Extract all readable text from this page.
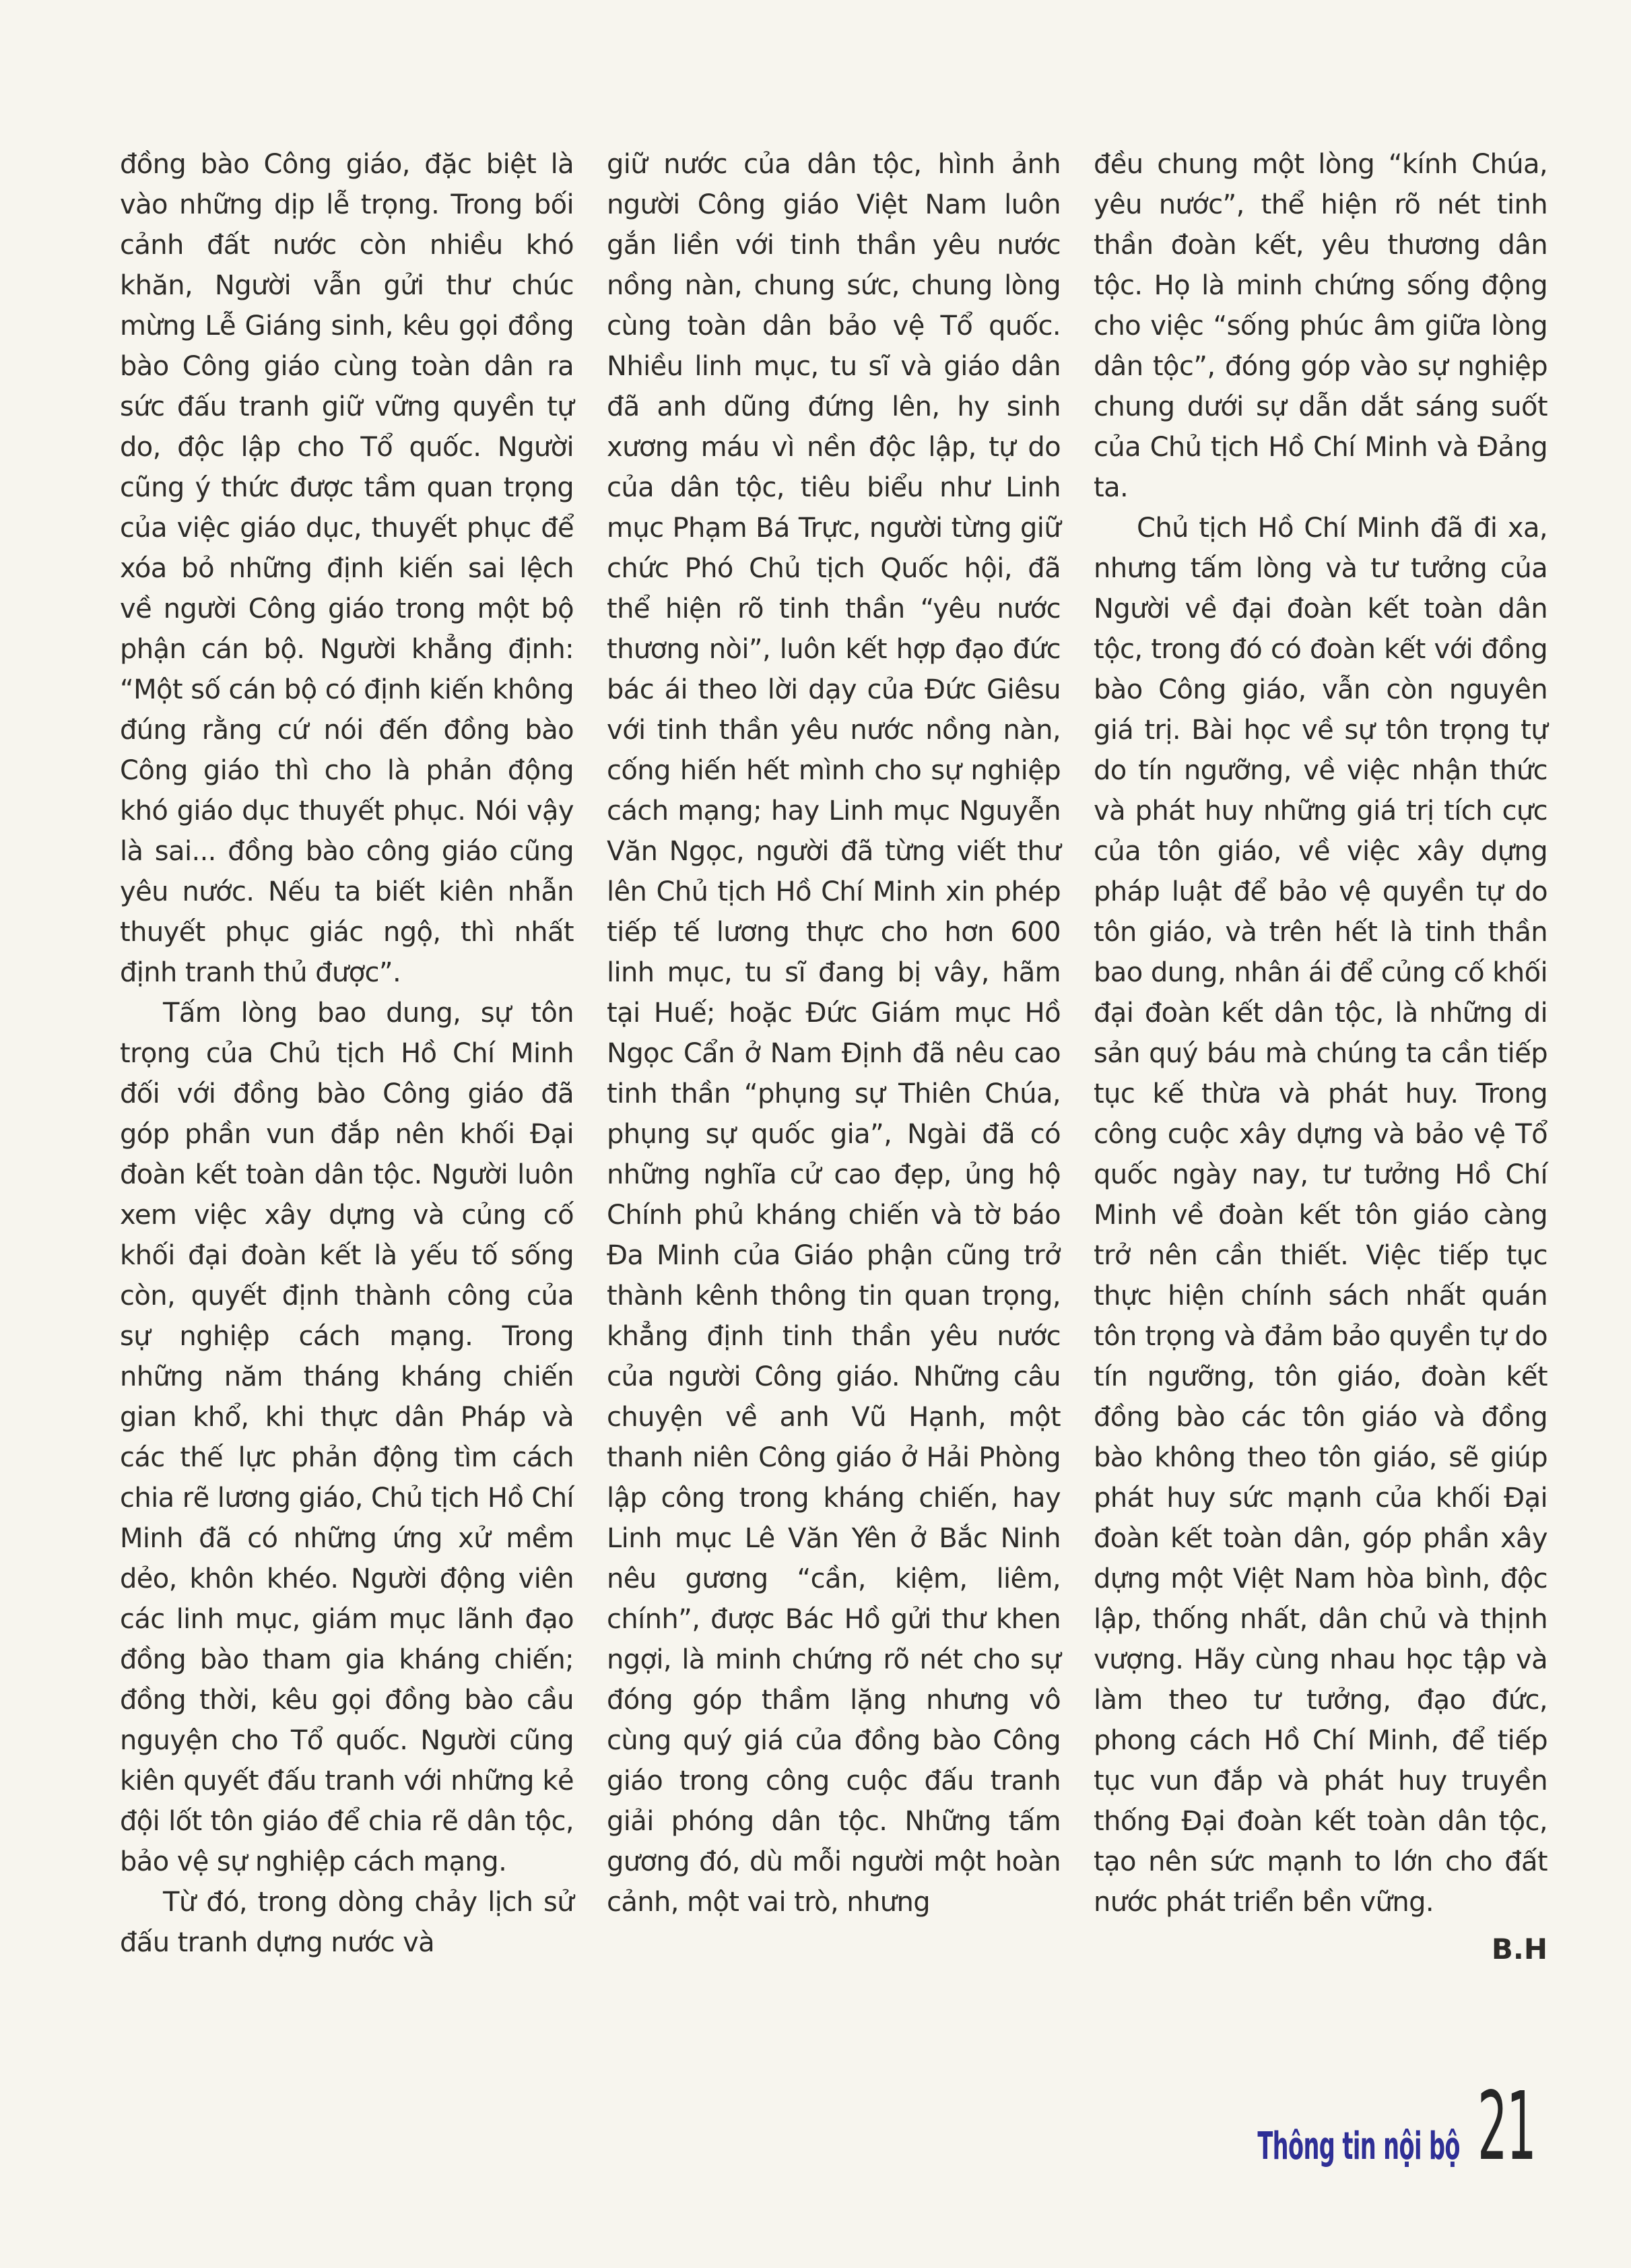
đồng bào Công giáo, đặc biệt là vào những dịp lễ trọng. Trong bối cảnh đất nước còn nhiều khó khăn, Người vẫn gửi thư chúc mừng Lễ Giáng sinh, kêu gọi đồng bào Công giáo cùng toàn dân ra sức đấu tranh giữ vững quyền tự do, độc lập cho Tổ quốc. Người cũng ý thức được tầm quan trọng của việc giáo dục, thuyết phục để xóa bỏ những định kiến sai lệch về người Công giáo trong một bộ phận cán bộ. Người khẳng định: “Một số cán bộ có định kiến không đúng rằng cứ nói đến đồng bào Công giáo thì cho là phản động khó giáo dục thuyết phục. Nói vậy là sai... đồng bào công giáo cũng yêu nước. Nếu ta biết kiên nhẫn thuyết phục giác ngộ, thì nhất định tranh thủ được”.

Tấm lòng bao dung, sự tôn trọng của Chủ tịch Hồ Chí Minh đối với đồng bào Công giáo đã góp phần vun đắp nên khối Đại đoàn kết toàn dân tộc. Người luôn xem việc xây dựng và củng cố khối đại đoàn kết là yếu tố sống còn, quyết định thành công của sự nghiệp cách mạng. Trong những năm tháng kháng chiến gian khổ, khi thực dân Pháp và các thế lực phản động tìm cách chia rẽ lương giáo, Chủ tịch Hồ Chí Minh đã có những ứng xử mềm dẻo, khôn khéo. Người động viên các linh mục, giám mục lãnh đạo đồng bào tham gia kháng chiến; đồng thời, kêu gọi đồng bào cầu nguyện cho Tổ quốc. Người cũng kiên quyết đấu tranh với những kẻ đội lốt tôn giáo để chia rẽ dân tộc, bảo vệ sự nghiệp cách mạng.

Từ đó, trong dòng chảy lịch sử đấu tranh dựng nước và

giữ nước của dân tộc, hình ảnh người Công giáo Việt Nam luôn gắn liền với tinh thần yêu nước nồng nàn, chung sức, chung lòng cùng toàn dân bảo vệ Tổ quốc. Nhiều linh mục, tu sĩ và giáo dân đã anh dũng đứng lên, hy sinh xương máu vì nền độc lập, tự do của dân tộc, tiêu biểu như Linh mục Phạm Bá Trực, người từng giữ chức Phó Chủ tịch Quốc hội, đã thể hiện rõ tinh thần “yêu nước thương nòi”, luôn kết hợp đạo đức bác ái theo lời dạy của Đức Giêsu với tinh thần yêu nước nồng nàn, cống hiến hết mình cho sự nghiệp cách mạng; hay Linh mục Nguyễn Văn Ngọc, người đã từng viết thư lên Chủ tịch Hồ Chí Minh xin phép tiếp tế lương thực cho hơn 600 linh mục, tu sĩ đang bị vây, hãm tại Huế; hoặc Đức Giám mục Hồ Ngọc Cẩn ở Nam Định đã nêu cao tinh thần “phụng sự Thiên Chúa, phụng sự quốc gia”, Ngài đã có những nghĩa cử cao đẹp, ủng hộ Chính phủ kháng chiến và tờ báo Đa Minh của Giáo phận cũng trở thành kênh thông tin quan trọng, khẳng định tinh thần yêu nước của người Công giáo. Những câu chuyện về anh Vũ Hạnh, một thanh niên Công giáo ở Hải Phòng lập công trong kháng chiến, hay Linh mục Lê Văn Yên ở Bắc Ninh nêu gương “cần, kiệm, liêm, chính”, được Bác Hồ gửi thư khen ngợi, là minh chứng rõ nét cho sự đóng góp thầm lặng nhưng vô cùng quý giá của đồng bào Công giáo trong công cuộc đấu tranh giải phóng dân tộc. Những tấm gương đó, dù mỗi người một hoàn cảnh, một vai trò, nhưng

đều chung một lòng “kính Chúa, yêu nước”, thể hiện rõ nét tinh thần đoàn kết, yêu thương dân tộc. Họ là minh chứng sống động cho việc “sống phúc âm giữa lòng dân tộc”, đóng góp vào sự nghiệp chung dưới sự dẫn dắt sáng suốt của Chủ tịch Hồ Chí Minh và Đảng ta.

Chủ tịch Hồ Chí Minh đã đi xa, nhưng tấm lòng và tư tưởng của Người về đại đoàn kết toàn dân tộc, trong đó có đoàn kết với đồng bào Công giáo, vẫn còn nguyên giá trị. Bài học về sự tôn trọng tự do tín ngưỡng, về việc nhận thức và phát huy những giá trị tích cực của tôn giáo, về việc xây dựng pháp luật để bảo vệ quyền tự do tôn giáo, và trên hết là tinh thần bao dung, nhân ái để củng cố khối đại đoàn kết dân tộc, là những di sản quý báu mà chúng ta cần tiếp tục kế thừa và phát huy. Trong công cuộc xây dựng và bảo vệ Tổ quốc ngày nay, tư tưởng Hồ Chí Minh về đoàn kết tôn giáo càng trở nên cần thiết. Việc tiếp tục thực hiện chính sách nhất quán tôn trọng và đảm bảo quyền tự do tín ngưỡng, tôn giáo, đoàn kết đồng bào các tôn giáo và đồng bào không theo tôn giáo, sẽ giúp phát huy sức mạnh của khối Đại đoàn kết toàn dân, góp phần xây dựng một Việt Nam hòa bình, độc lập, thống nhất, dân chủ và thịnh vượng. Hãy cùng nhau học tập và làm theo tư tưởng, đạo đức, phong cách Hồ Chí Minh, để tiếp tục vun đắp và phát huy truyền thống Đại đoàn kết toàn dân tộc, tạo nên sức mạnh to lớn cho đất nước phát triển bền vững.

B.H

Thông tin nội bộ 21
